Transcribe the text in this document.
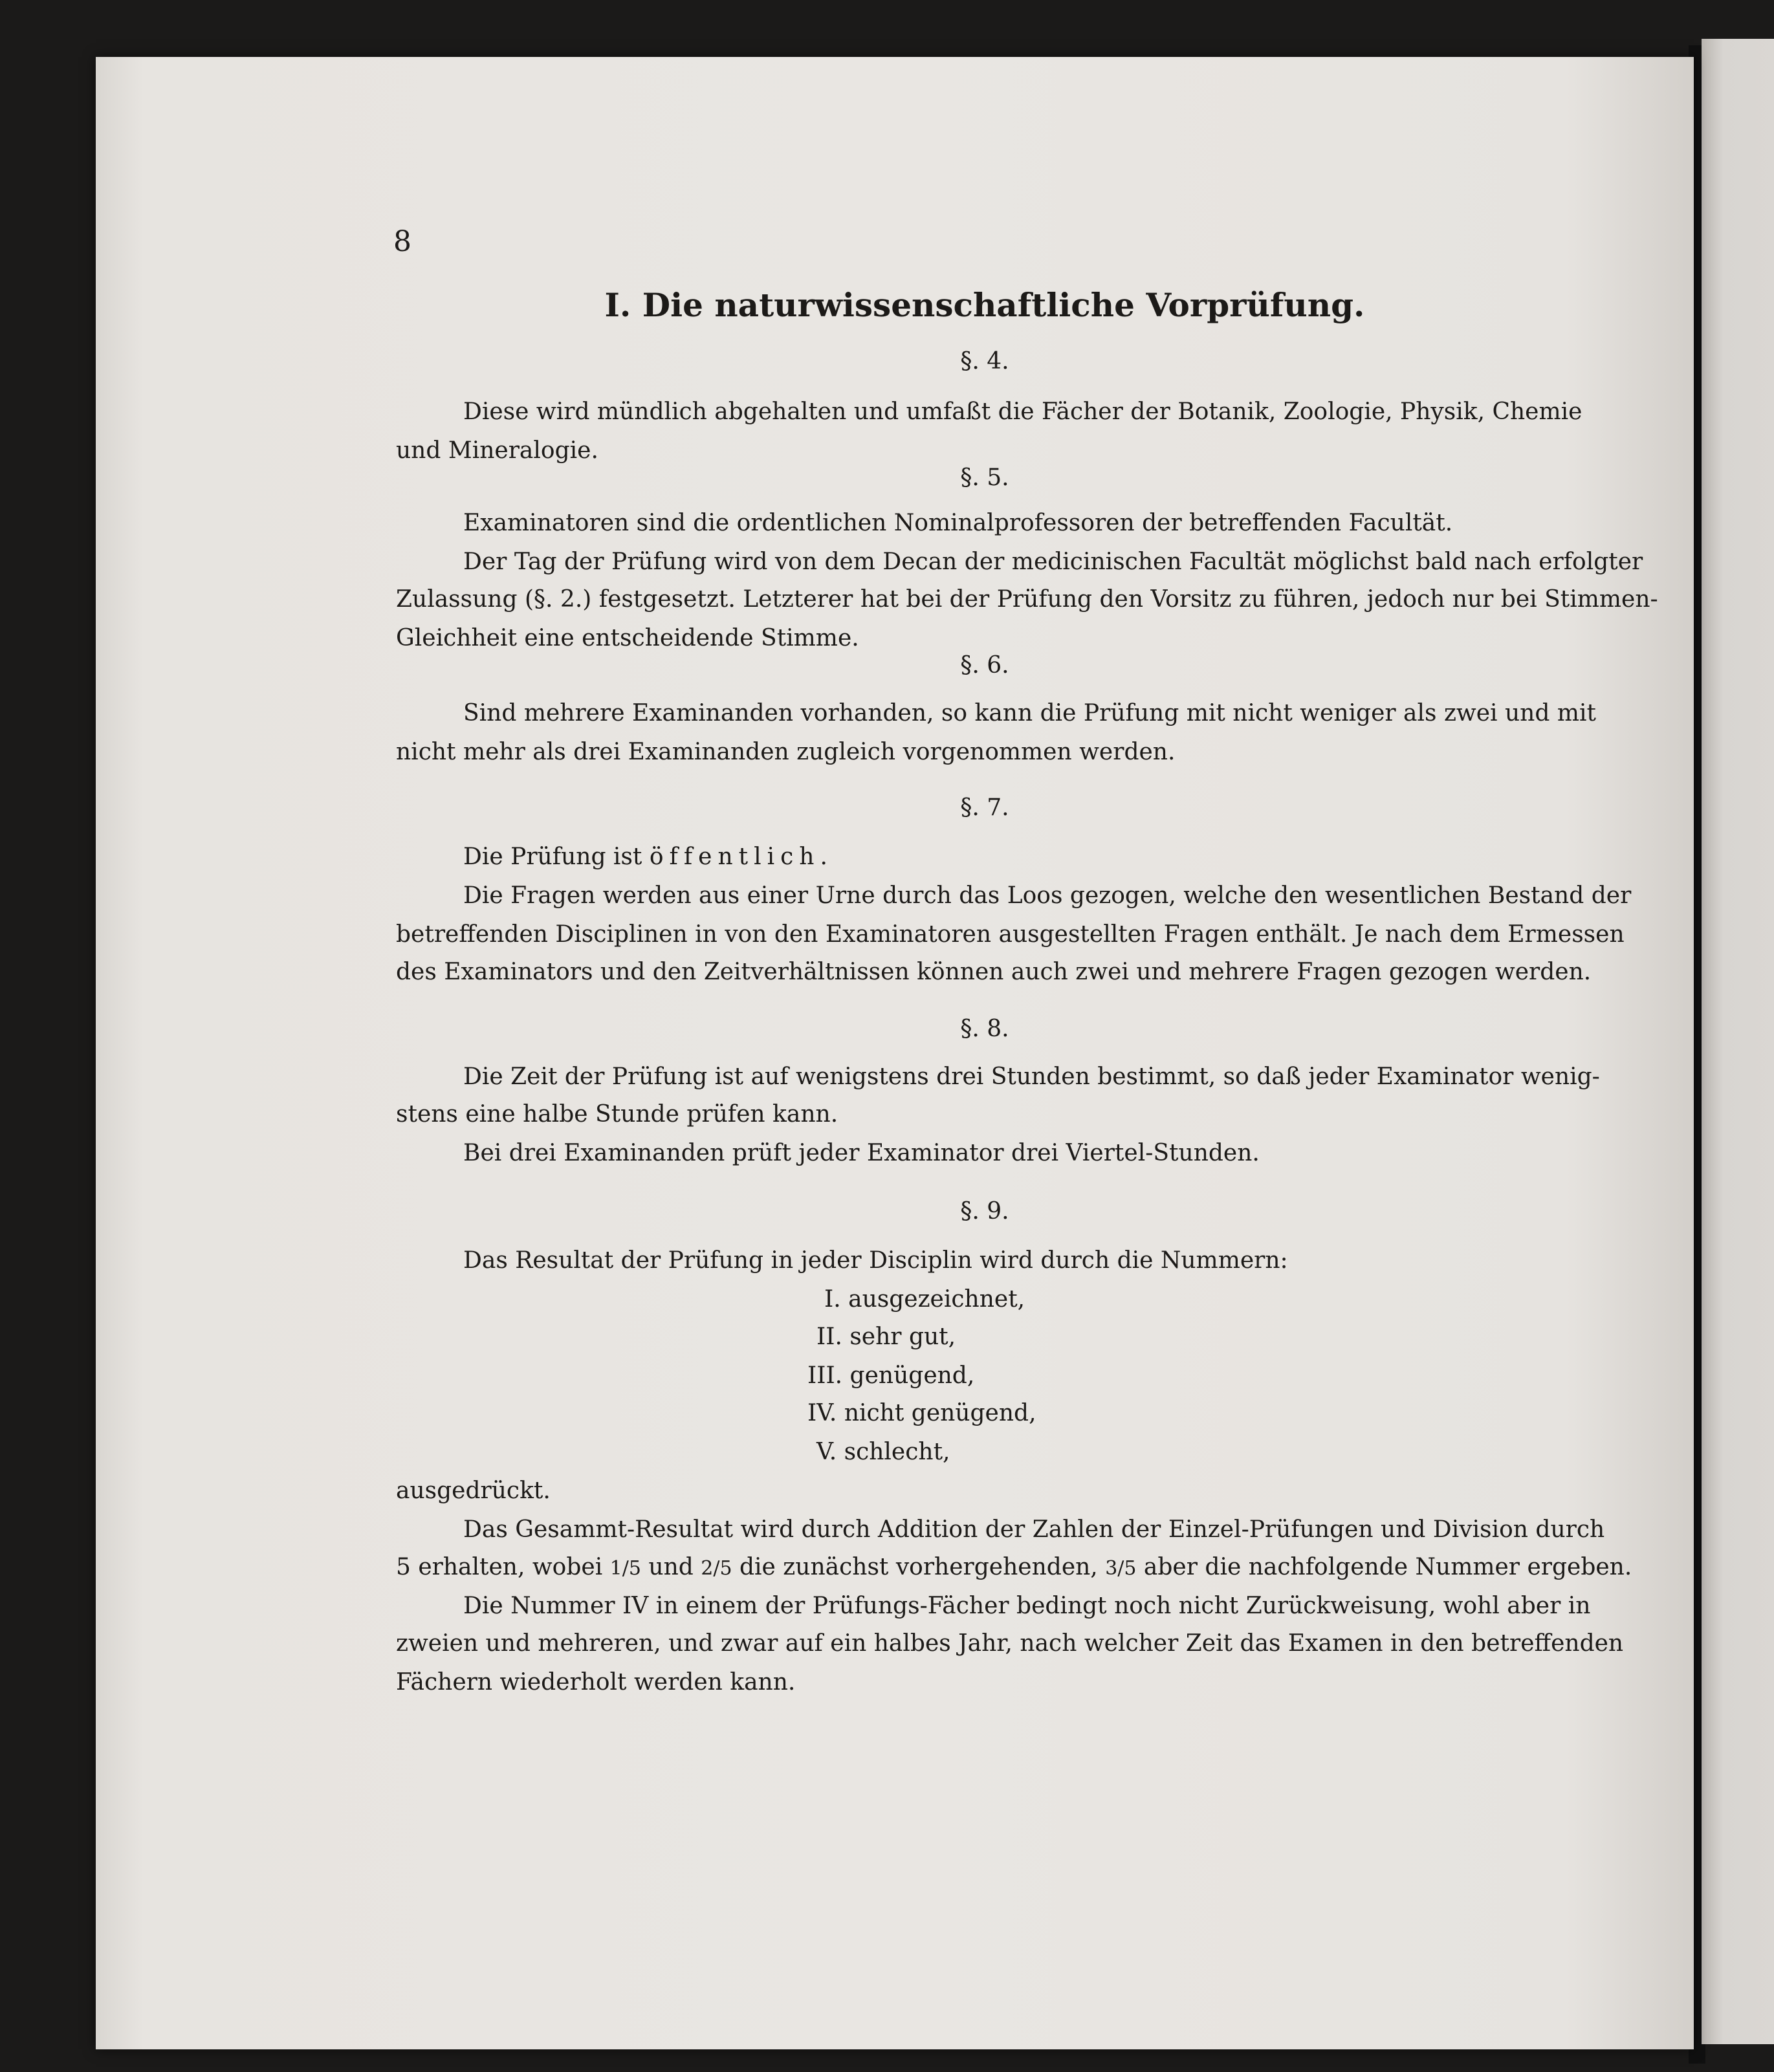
8
I. Die naturwissenschaftliche Vorprüfung.
§. 4.
Diese wird mündlich abgehalten und umfaßt die Fächer der Botanik, Zoologie, Physik, Chemie
und Mineralogie.
§. 5.
Examinatoren sind die ordentlichen Nominalprofessoren der betreffenden Facultät.
Der Tag der Prüfung wird von dem Decan der medicinischen Facultät möglichst bald nach erfolgter
Zulassung (§. 2.) festgesetzt. Letzterer hat bei der Prüfung den Vorsitz zu führen, jedoch nur bei Stimmen-
Gleichheit eine entscheidende Stimme.
§. 6.
Sind mehrere Examinanden vorhanden, so kann die Prüfung mit nicht weniger als zwei und mit
nicht mehr als drei Examinanden zugleich vorgenommen werden.
§. 7.
Die Prüfung ist öffentlich.
Die Fragen werden aus einer Urne durch das Loos gezogen, welche den wesentlichen Bestand der
betreffenden Disciplinen in von den Examinatoren ausgestellten Fragen enthält. Je nach dem Ermessen
des Examinators und den Zeitverhältnissen können auch zwei und mehrere Fragen gezogen werden.
§. 8.
Die Zeit der Prüfung ist auf wenigstens drei Stunden bestimmt, so daß jeder Examinator wenig-
stens eine halbe Stunde prüfen kann.
Bei drei Examinanden prüft jeder Examinator drei Viertel-Stunden.
§. 9.
Das Resultat der Prüfung in jeder Disciplin wird durch die Nummern:
I. ausgezeichnet,
II. sehr gut,
III. genügend,
IV. nicht genügend,
V. schlecht,
ausgedrückt.
Das Gesammt-Resultat wird durch Addition der Zahlen der Einzel-Prüfungen und Division durch
5 erhalten, wobei 1/5 und 2/5 die zunächst vorhergehenden, 3/5 aber die nachfolgende Nummer ergeben.
Die Nummer IV in einem der Prüfungs-Fächer bedingt noch nicht Zurückweisung, wohl aber in
zweien und mehreren, und zwar auf ein halbes Jahr, nach welcher Zeit das Examen in den betreffenden
Fächern wiederholt werden kann.
